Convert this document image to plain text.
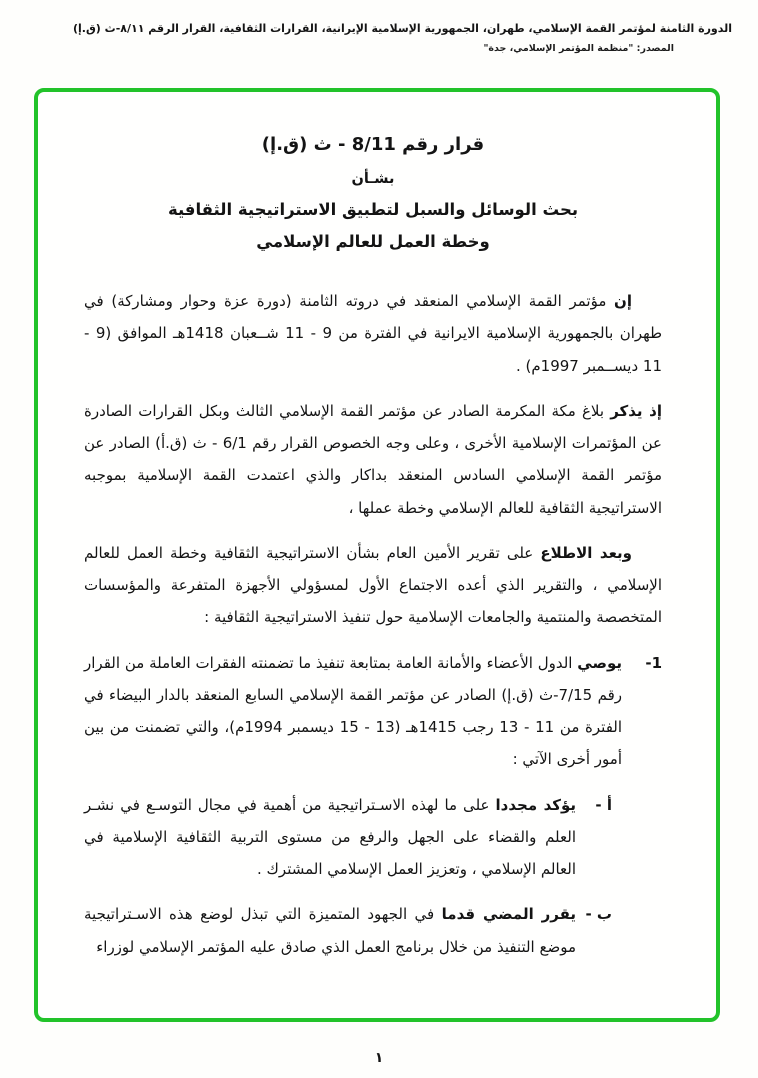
الدورة الثامنة لمؤتمر القمة الإسلامي، طهران، الجمهورية الإسلامية الإيرانية، القرارات الثقافية، القرار الرقم ٨/١١-ث (ق.إ)
المصدر: "منظمة المؤتمر الإسلامي، جدة"
قرار رقم 8/11 - ث (ق.إ)
بشـأن
بحث الوسائل والسبل لتطبيق الاستراتيجية الثقافية
وخطة العمل للعالم الإسلامي

إن مؤتمر القمة الإسلامي المنعقد في دروته الثامنة (دورة عزة وحوار ومشاركة) في طهران بالجمهورية الإسلامية الايرانية في الفترة من 9 - 11 شــعبان 1418هـ الموافق (9 - 11 ديســمبر 1997م) .

إذ يذكر بلاغ مكة المكرمة الصادر عن مؤتمر القمة الإسلامي الثالث وبكل القرارات الصادرة عن المؤتمرات الإسلامية الأخرى ، وعلى وجه الخصوص القرار رقم 6/1 - ث (ق.أ) الصادر عن مؤتمر القمة الإسلامي السادس المنعقد بداكار والذي اعتمدت القمة الإسلامية بموجبه الاستراتيجية الثقافية للعالم الإسلامي وخطة عملها ،

وبعد الاطلاع على تقرير الأمين العام بشأن الاستراتيجية الثقافية وخطة العمل للعالم الإسلامي ، والتقرير الذي أعده الاجتماع الأول لمسؤولي الأجهزة المتفرعة والمؤسسات المتخصصة والمنتمية والجامعات الإسلامية حول تنفيذ الاستراتيجية الثقافية :

1-

يوصي الدول الأعضاء والأمانة العامة بمتابعة تنفيذ ما تضمنته الفقرات العاملة من القرار رقم 7/15-ث (ق.إ) الصادر عن مؤتمر القمة الإسلامي السابع المنعقد بالدار البيضاء في الفترة من 11 - 13 رجب 1415هـ (13 - 15 ديسمبر 1994م)، والتي تضمنت من بين أمور أخرى الآتي :

أ -

يؤكد مجددا على ما لهذه الاسـتراتيجية من أهمية في مجال التوسـع في نشـر العلم والقضاء على الجهل والرفع من مستوى التربية الثقافية الإسلامية في العالم الإسلامي ، وتعزيز العمل الإسلامي المشترك .

ب -

يقرر المضي قدما في الجهود المتميزة التي تبذل لوضع هذه الاسـتراتيجية موضع التنفيذ من خلال برنامج العمل الذي صادق عليه المؤتمر الإسلامي لوزراء

١
